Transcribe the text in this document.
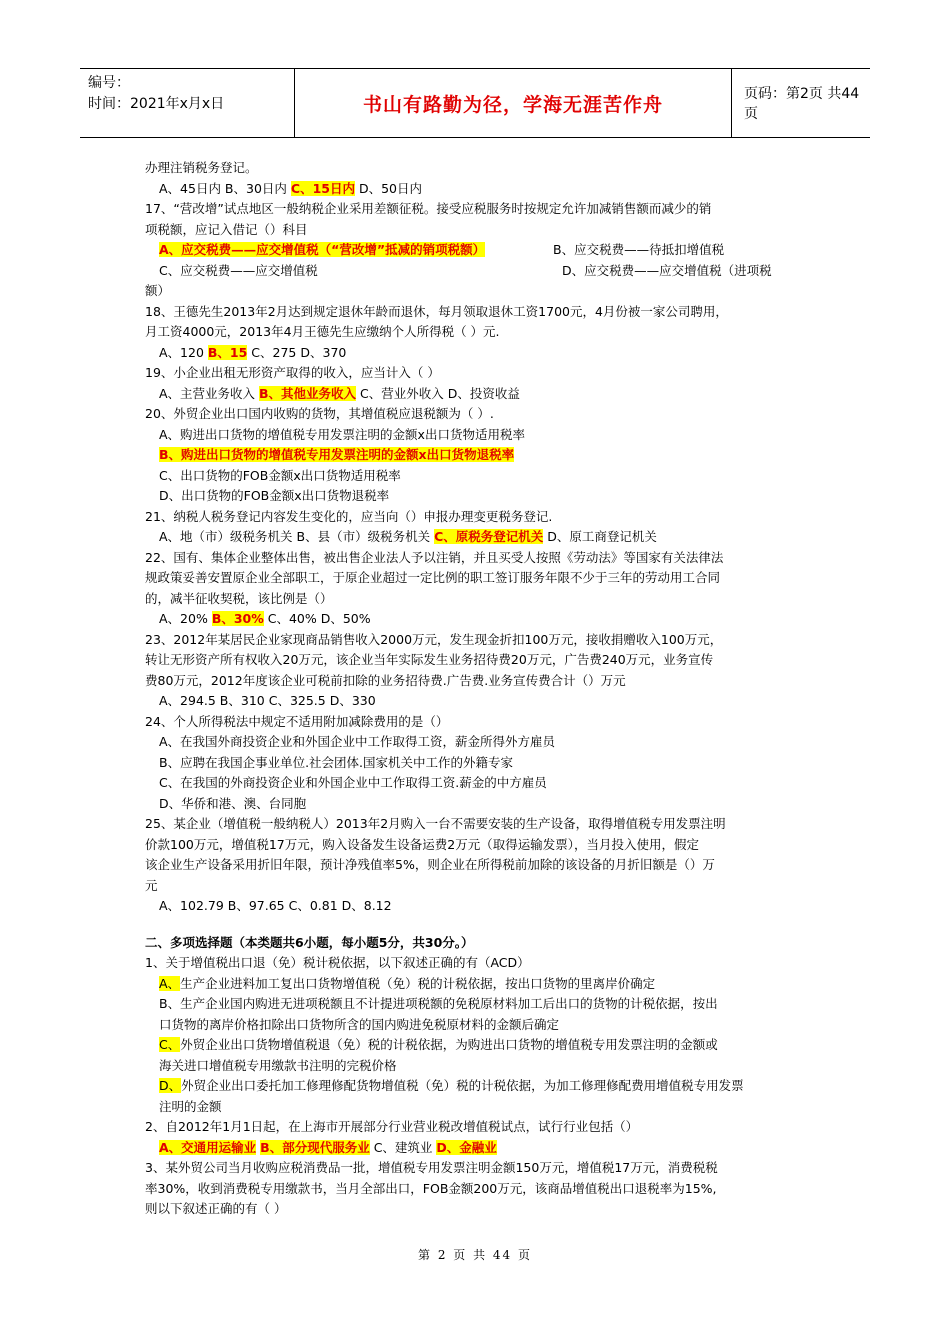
编号：
时间：2021年x月x日	书山有路勤为径，学海无涯苦作舟	页码：第2页 共44页
办理注销税务登记。
A、45日内 B、30日内 C、15日内 D、50日内
17、“营改增”试点地区一般纳税企业采用差额征税。接受应税服务时按规定允许加减销售额而减少的销
项税额，应记入借记（）科目
A、应交税费——应交增值税（“营改增”抵减的销项税额）	B、应交税费——待抵扣增值税
C、应交税费——应交增值税	D、应交税费——应交增值税（进项税
额）
18、王德先生2013年2月达到规定退休年龄而退休，每月领取退休工资1700元，4月份被一家公司聘用，
月工资4000元，2013年4月王德先生应缴纳个人所得税（ ）元.
A、120 B、15 C、275 D、370
19、小企业出租无形资产取得的收入，应当计入（ ）
A、主营业务收入 B、其他业务收入 C、营业外收入 D、投资收益
20、外贸企业出口国内收购的货物，其增值税应退税额为（ ）.
A、购进出口货物的增值税专用发票注明的金额x出口货物适用税率
B、购进出口货物的增值税专用发票注明的金额x出口货物退税率
C、出口货物的FOB金额x出口货物适用税率
D、出口货物的FOB金额x出口货物退税率
21、纳税人税务登记内容发生变化的，应当向（）申报办理变更税务登记.
A、地（市）级税务机关 B、县（市）级税务机关 C、原税务登记机关 D、原工商登记机关
22、国有、集体企业整体出售，被出售企业法人予以注销，并且买受人按照《劳动法》等国家有关法律法
规政策妥善安置原企业全部职工，于原企业超过一定比例的职工签订服务年限不少于三年的劳动用工合同
的，减半征收契税，该比例是（）
A、20% B、30% C、40% D、50%
23、2012年某居民企业家现商品销售收入2000万元，发生现金折扣100万元，接收捐赠收入100万元，
转让无形资产所有权收入20万元，该企业当年实际发生业务招待费20万元，广告费240万元，业务宣传
费80万元，2012年度该企业可税前扣除的业务招待费.广告费.业务宣传费合计（）万元
A、294.5 B、310 C、325.5 D、330
24、个人所得税法中规定不适用附加减除费用的是（）
A、在我国外商投资企业和外国企业中工作取得工资，薪金所得外方雇员
B、应聘在我国企事业单位.社会团体.国家机关中工作的外籍专家
C、在我国的外商投资企业和外国企业中工作取得工资.薪金的中方雇员
D、华侨和港、澳、台同胞
25、某企业（增值税一般纳税人）2013年2月购入一台不需要安装的生产设备，取得增值税专用发票注明
价款100万元，增值税17万元，购入设备发生设备运费2万元（取得运输发票），当月投入使用，假定
该企业生产设备采用折旧年限，预计净残值率5%，则企业在所得税前加除的该设备的月折旧额是（）万
元
A、102.79 B、97.65 C、0.81 D、8.12
二、多项选择题（本类题共6小题，每小题5分，共30分。）
1、关于增值税出口退（免）税计税依据，以下叙述正确的有（ACD）
A、生产企业进料加工复出口货物增值税（免）税的计税依据，按出口货物的里离岸价确定
B、生产企业国内购进无进项税额且不计提进项税额的免税原材料加工后出口的货物的计税依据，按出
口货物的离岸价格扣除出口货物所含的国内购进免税原材料的金额后确定
C、外贸企业出口货物增值税退（免）税的计税依据，为购进出口货物的增值税专用发票注明的金额或
海关进口增值税专用缴款书注明的完税价格
D、外贸企业出口委托加工修理修配货物增值税（免）税的计税依据，为加工修理修配费用增值税专用发票
注明的金额
2、自2012年1月1日起，在上海市开展部分行业营业税改增值税试点，试行行业包括（）
A、交通用运输业 B、部分现代服务业 C、建筑业 D、金融业
3、某外贸公司当月收购应税消费品一批，增值税专用发票注明金额150万元，增值税17万元，消费税税
率30%，收到消费税专用缴款书，当月全部出口，FOB金额200万元，该商品增值税出口退税率为15%,
则以下叙述正确的有（ ）
第 2 页 共 44 页
